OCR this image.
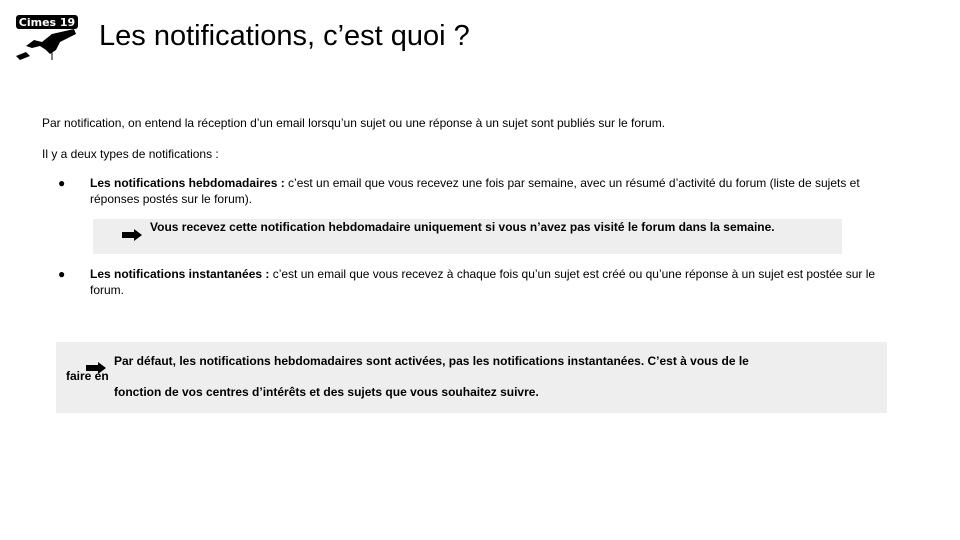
Cimes 19 Les notifications, c’est quoi ?

Par notification, on entend la réception d’un email lorsqu’un sujet ou une réponse à un sujet sont publiés sur le forum.

Il y a deux types de notifications :

● Les notifications hebdomadaires : c’est un email que vous recevez une fois par semaine, avec un résumé d’activité du forum (liste de sujets et réponses postés sur le forum).

Vous recevez cette notification hebdomadaire uniquement si vous n’avez pas visité le forum dans la semaine.
● Les notifications instantanées : c’est un email que vous recevez à chaque fois qu’un sujet est créé ou qu’une réponse à un sujet est postée sur le forum.

Par défaut, les notifications hebdomadaires sont activées, pas les notifications instantanées. C’est à vous de le
faire en
fonction de vos centres d’intérêts et des sujets que vous souhaitez suivre.
